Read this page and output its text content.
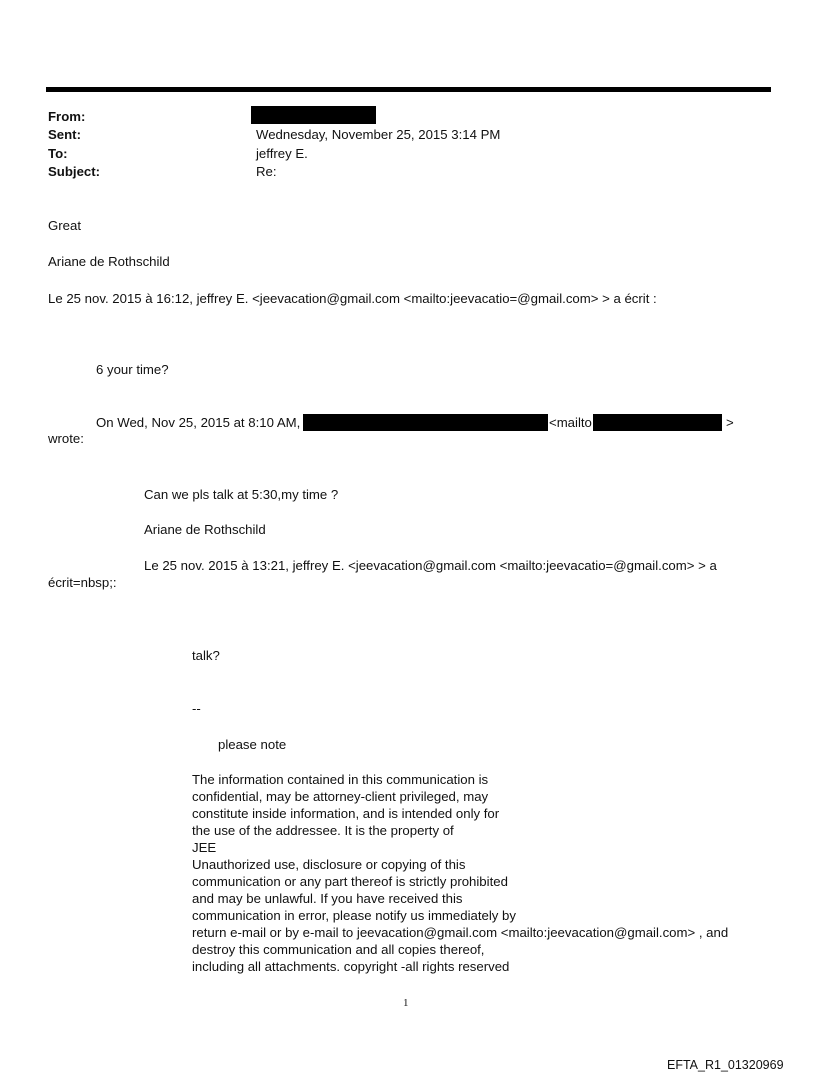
From:
Sent:	Wednesday, November 25, 2015 3:14 PM
To:	jeffrey E.
Subject:	Re:
Great
Ariane de Rothschild
Le 25 nov. 2015 à 16:12, jeffrey E. <jeevacation@gmail.com <mailto:jeevacatio=@gmail.com> > a écrit :
6 your time?
On Wed, Nov 25, 2015 at 8:10 AM,	<mailto	>
wrote:
Can we pls talk at 5:30,my time ?
Ariane de Rothschild
Le 25 nov. 2015 à 13:21, jeffrey E. <jeevacation@gmail.com <mailto:jeevacatio=@gmail.com> > a
écrit=nbsp;:
talk?
--
please note
The information contained in this communication is
confidential, may be attorney-client privileged, may
constitute inside information, and is intended only for
the use of the addressee. It is the property of
JEE
Unauthorized use, disclosure or copying of this
communication or any part thereof is strictly prohibited
and may be unlawful. If you have received this
communication in error, please notify us immediately by
return e-mail or by e-mail to jeevacation@gmail.com <mailto:jeevacation@gmail.com> , and
destroy this communication and all copies thereof,
including all attachments. copyright -all rights reserved
1
EFTA_R1_01320969
